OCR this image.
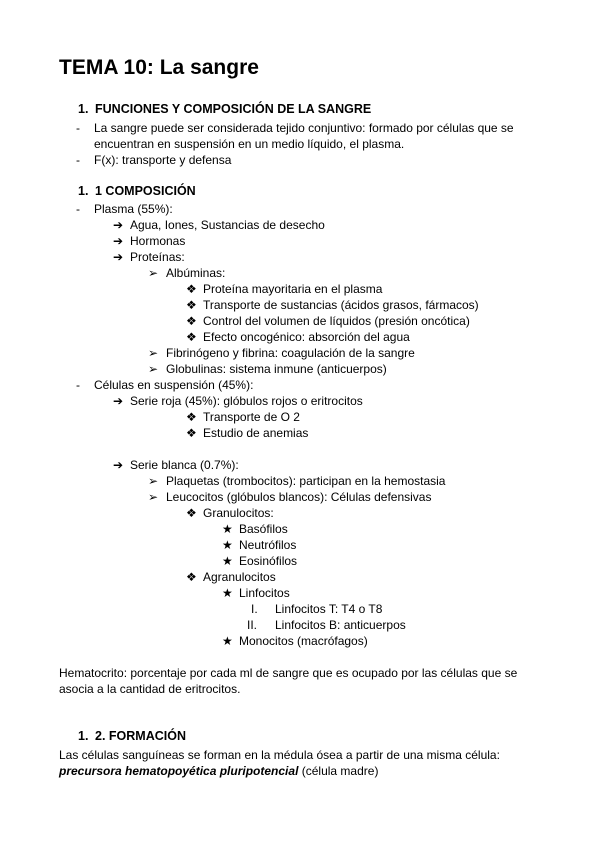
TEMA 10: La sangre
1. FUNCIONES Y COMPOSICIÓN DE LA SANGRE
- La sangre puede ser considerada tejido conjuntivo: formado por células que se
encuentran en suspensión en un medio líquido, el plasma.
- F(x): transporte y defensa
1. 1 COMPOSICIÓN
- Plasma (55%):
➔ Agua, Iones, Sustancias de desecho
➔ Hormonas
➔ Proteínas:
➢ Albúminas:
❖ Proteína mayoritaria en el plasma
❖ Transporte de sustancias (ácidos grasos, fármacos)
❖ Control del volumen de líquidos (presión oncótica)
❖ Efecto oncogénico: absorción del agua
➢ Fibrinógeno y fibrina: coagulación de la sangre
➢ Globulinas: sistema inmune (anticuerpos)
- Células en suspensión (45%):
➔ Serie roja (45%): glóbulos rojos o eritrocitos
❖ Transporte de O 2
❖ Estudio de anemias
➔ Serie blanca (0.7%):
➢ Plaquetas (trombocitos): participan en la hemostasia
➢ Leucocitos (glóbulos blancos): Células defensivas
❖ Granulocitos:
★ Basófilos
★ Neutrófilos
★ Eosinófilos
❖ Agranulocitos
★ Linfocitos
I. Linfocitos T: T4 o T8
II. Linfocitos B: anticuerpos
★ Monocitos (macrófagos)
Hematocrito: porcentaje por cada ml de sangre que es ocupado por las células que se
asocia a la cantidad de eritrocitos.
1. 2. FORMACIÓN
Las células sanguíneas se forman en la médula ósea a partir de una misma célula:
precursora hematopoyética pluripotencial (célula madre)
